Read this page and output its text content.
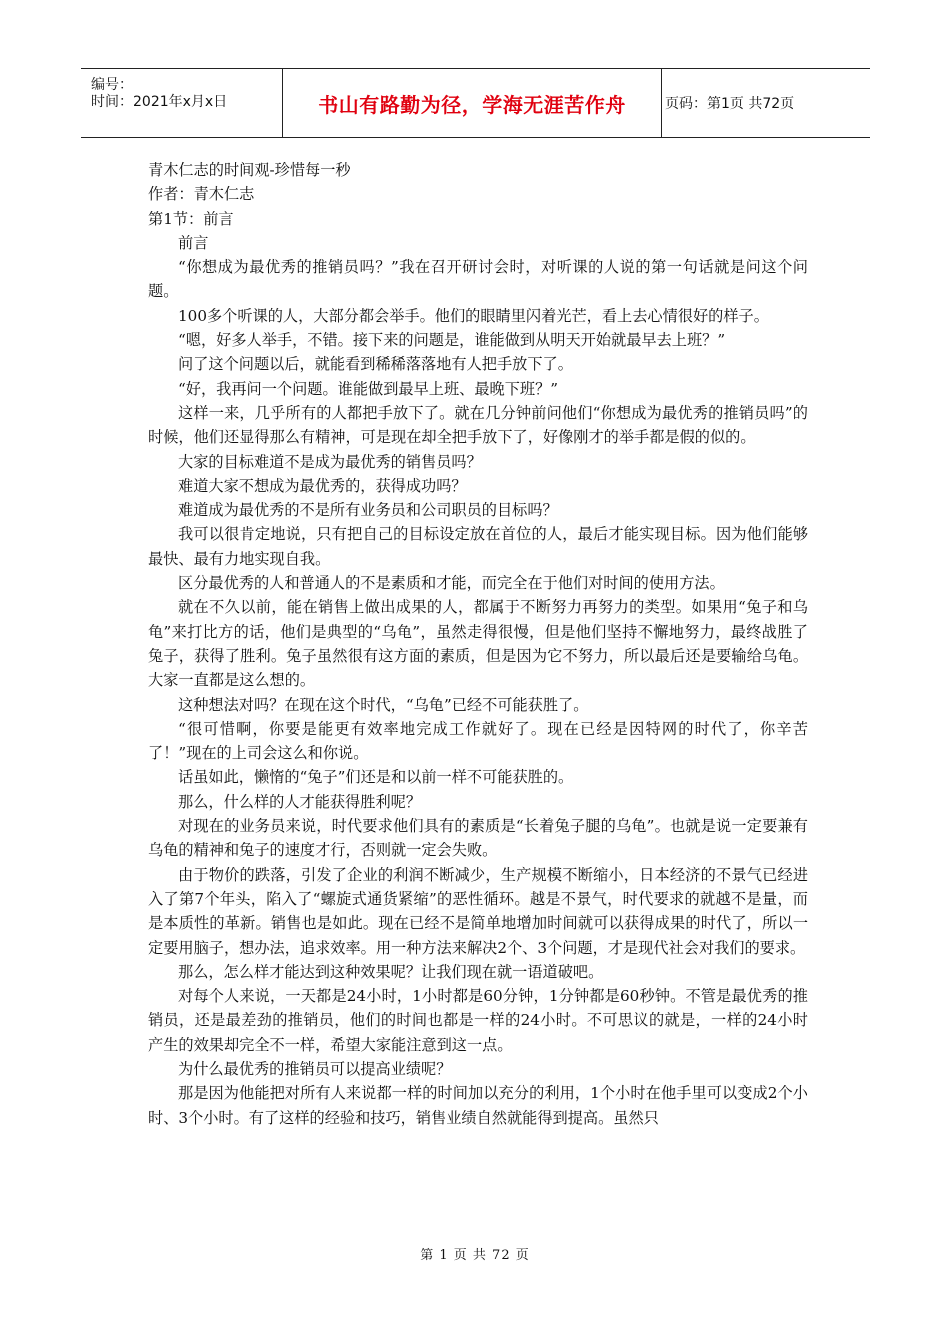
编号：
时间：2021年x月x日	书山有路勤为径，学海无涯苦作舟	页码：第1页 共72页

青木仁志的时间观-珍惜每一秒

作者：青木仁志

第1节：前言

前言

“你想成为最优秀的推销员吗？”我在召开研讨会时，对听课的人说的第一句话就是问这个问题。

100多个听课的人，大部分都会举手。他们的眼睛里闪着光芒，看上去心情很好的样子。

“嗯，好多人举手，不错。接下来的问题是，谁能做到从明天开始就最早去上班？”

问了这个问题以后，就能看到稀稀落落地有人把手放下了。

“好，我再问一个问题。谁能做到最早上班、最晚下班？”

这样一来，几乎所有的人都把手放下了。就在几分钟前问他们“你想成为最优秀的推销员吗”的时候，他们还显得那么有精神，可是现在却全把手放下了，好像刚才的举手都是假的似的。

大家的目标难道不是成为最优秀的销售员吗？

难道大家不想成为最优秀的，获得成功吗？

难道成为最优秀的不是所有业务员和公司职员的目标吗？

我可以很肯定地说，只有把自己的目标设定放在首位的人，最后才能实现目标。因为他们能够最快、最有力地实现自我。

区分最优秀的人和普通人的不是素质和才能，而完全在于他们对时间的使用方法。

就在不久以前，能在销售上做出成果的人，都属于不断努力再努力的类型。如果用“兔子和乌龟”来打比方的话，他们是典型的“乌龟”，虽然走得很慢，但是他们坚持不懈地努力，最终战胜了兔子，获得了胜利。兔子虽然很有这方面的素质，但是因为它不努力，所以最后还是要输给乌龟。大家一直都是这么想的。

这种想法对吗？在现在这个时代，“乌龟”已经不可能获胜了。

“很可惜啊，你要是能更有效率地完成工作就好了。现在已经是因特网的时代了，你辛苦了！”现在的上司会这么和你说。

话虽如此，懒惰的“兔子”们还是和以前一样不可能获胜的。

那么，什么样的人才能获得胜利呢？

对现在的业务员来说，时代要求他们具有的素质是“长着兔子腿的乌龟”。也就是说一定要兼有乌龟的精神和兔子的速度才行，否则就一定会失败。

由于物价的跌落，引发了企业的利润不断减少，生产规模不断缩小，日本经济的不景气已经进入了第7个年头，陷入了“螺旋式通货紧缩”的恶性循环。越是不景气，时代要求的就越不是量，而是本质性的革新。销售也是如此。现在已经不是简单地增加时间就可以获得成果的时代了，所以一定要用脑子，想办法，追求效率。用一种方法来解决2个、3个问题，才是现代社会对我们的要求。

那么，怎么样才能达到这种效果呢？让我们现在就一语道破吧。

对每个人来说，一天都是24小时，1小时都是60分钟，1分钟都是60秒钟。不管是最优秀的推销员，还是最差劲的推销员，他们的时间也都是一样的24小时。不可思议的就是，一样的24小时产生的效果却完全不一样，希望大家能注意到这一点。

为什么最优秀的推销员可以提高业绩呢？

那是因为他能把对所有人来说都一样的时间加以充分的利用，1个小时在他手里可以变成2个小时、3个小时。有了这样的经验和技巧，销售业绩自然就能得到提高。虽然只

第 1 页 共 72 页
